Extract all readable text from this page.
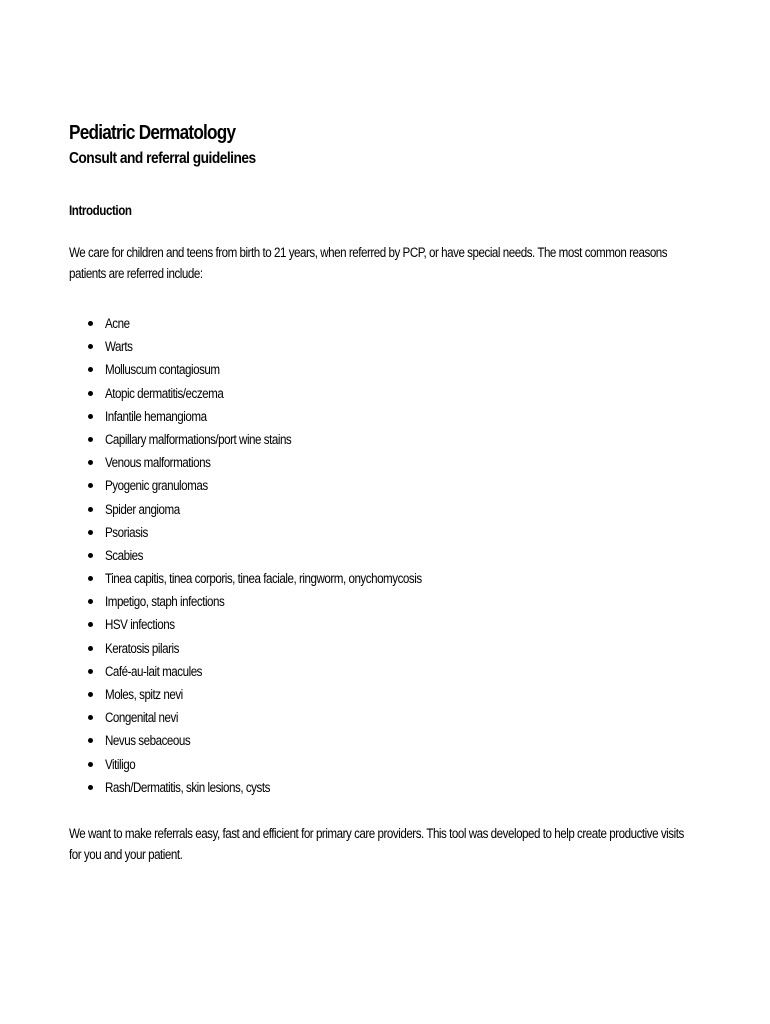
Pediatric Dermatology
Consult and referral guidelines
Introduction

We care for children and teens from birth to 21 years, when referred by PCP, or have special needs. The most common reasons patients are referred include:

Acne
Warts
Molluscum contagiosum
Atopic dermatitis/eczema
Infantile hemangioma
Capillary malformations/port wine stains
Venous malformations
Pyogenic granulomas
Spider angioma
Psoriasis
Scabies
Tinea capitis, tinea corporis, tinea faciale, ringworm, onychomycosis
Impetigo, staph infections
HSV infections
Keratosis pilaris
Café-au-lait macules
Moles, spitz nevi
Congenital nevi
Nevus sebaceous
Vitiligo
Rash/Dermatitis, skin lesions, cysts

We want to make referrals easy, fast and efficient for primary care providers. This tool was developed to help create productive visits for you and your patient.
